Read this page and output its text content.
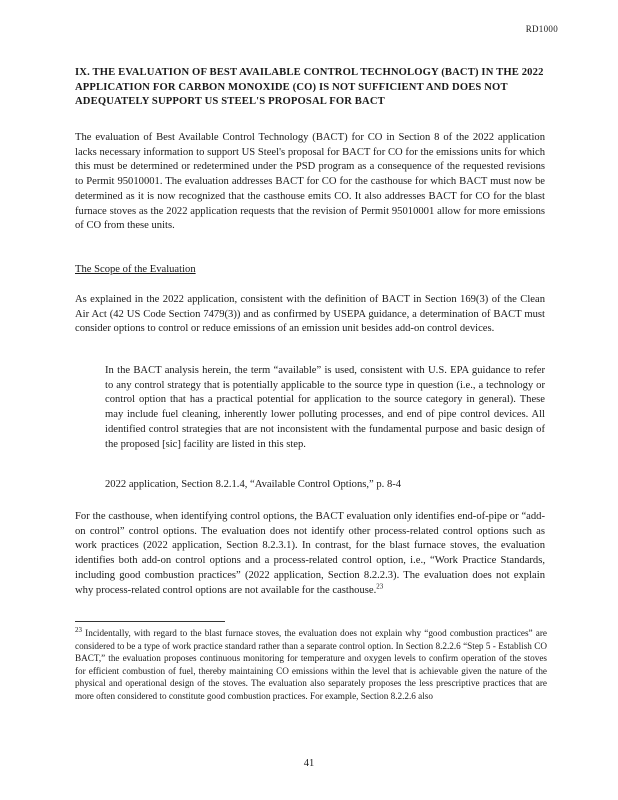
RD1000
IX. THE EVALUATION OF BEST AVAILABLE CONTROL TECHNOLOGY (BACT) IN THE 2022 APPLICATION FOR CARBON MONOXIDE (CO) IS NOT SUFFICIENT AND DOES NOT ADEQUATELY SUPPORT US STEEL'S PROPOSAL FOR BACT
The evaluation of Best Available Control Technology (BACT) for CO in Section 8 of the 2022 application lacks necessary information to support US Steel's proposal for BACT for CO for the emissions units for which this must be determined or redetermined under the PSD program as a consequence of the requested revisions to Permit 95010001. The evaluation addresses BACT for CO for the casthouse for which BACT must now be determined as it is now recognized that the casthouse emits CO. It also addresses BACT for CO for the blast furnace stoves as the 2022 application requests that the revision of Permit 95010001 allow for more emissions of CO from these units.
The Scope of the Evaluation
As explained in the 2022 application, consistent with the definition of BACT in Section 169(3) of the Clean Air Act (42 US Code Section 7479(3)) and as confirmed by USEPA guidance, a determination of BACT must consider options to control or reduce emissions of an emission unit besides add-on control devices.
In the BACT analysis herein, the term “available” is used, consistent with U.S. EPA guidance to refer to any control strategy that is potentially applicable to the source type in question (i.e., a technology or control option that has a practical potential for application to the source category in general). These may include fuel cleaning, inherently lower polluting processes, and end of pipe control devices. All identified control strategies that are not inconsistent with the fundamental purpose and basic design of the proposed [sic] facility are listed in this step.
2022 application, Section 8.2.1.4, “Available Control Options,” p. 8-4
For the casthouse, when identifying control options, the BACT evaluation only identifies end-of-pipe or “add-on control” control options. The evaluation does not identify other process-related control options such as work practices (2022 application, Section 8.2.3.1). In contrast, for the blast furnace stoves, the evaluation identifies both add-on control options and a process-related control option, i.e., “Work Practice Standards, including good combustion practices” (2022 application, Section 8.2.2.3). The evaluation does not explain why process-related control options are not available for the casthouse.$^{23}$
$^{23}$ Incidentally, with regard to the blast furnace stoves, the evaluation does not explain why “good combustion practices” are considered to be a type of work practice standard rather than a separate control option. In Section 8.2.2.6 “Step 5 - Establish CO BACT,” the evaluation proposes continuous monitoring for temperature and oxygen levels to confirm operation of the stoves for efficient combustion of fuel, thereby maintaining CO emissions within the level that is achievable given the nature of the physical and operational design of the stoves. The evaluation also separately proposes the less prescriptive practices that are more often considered to constitute good combustion practices. For example, Section 8.2.2.6 also
41
